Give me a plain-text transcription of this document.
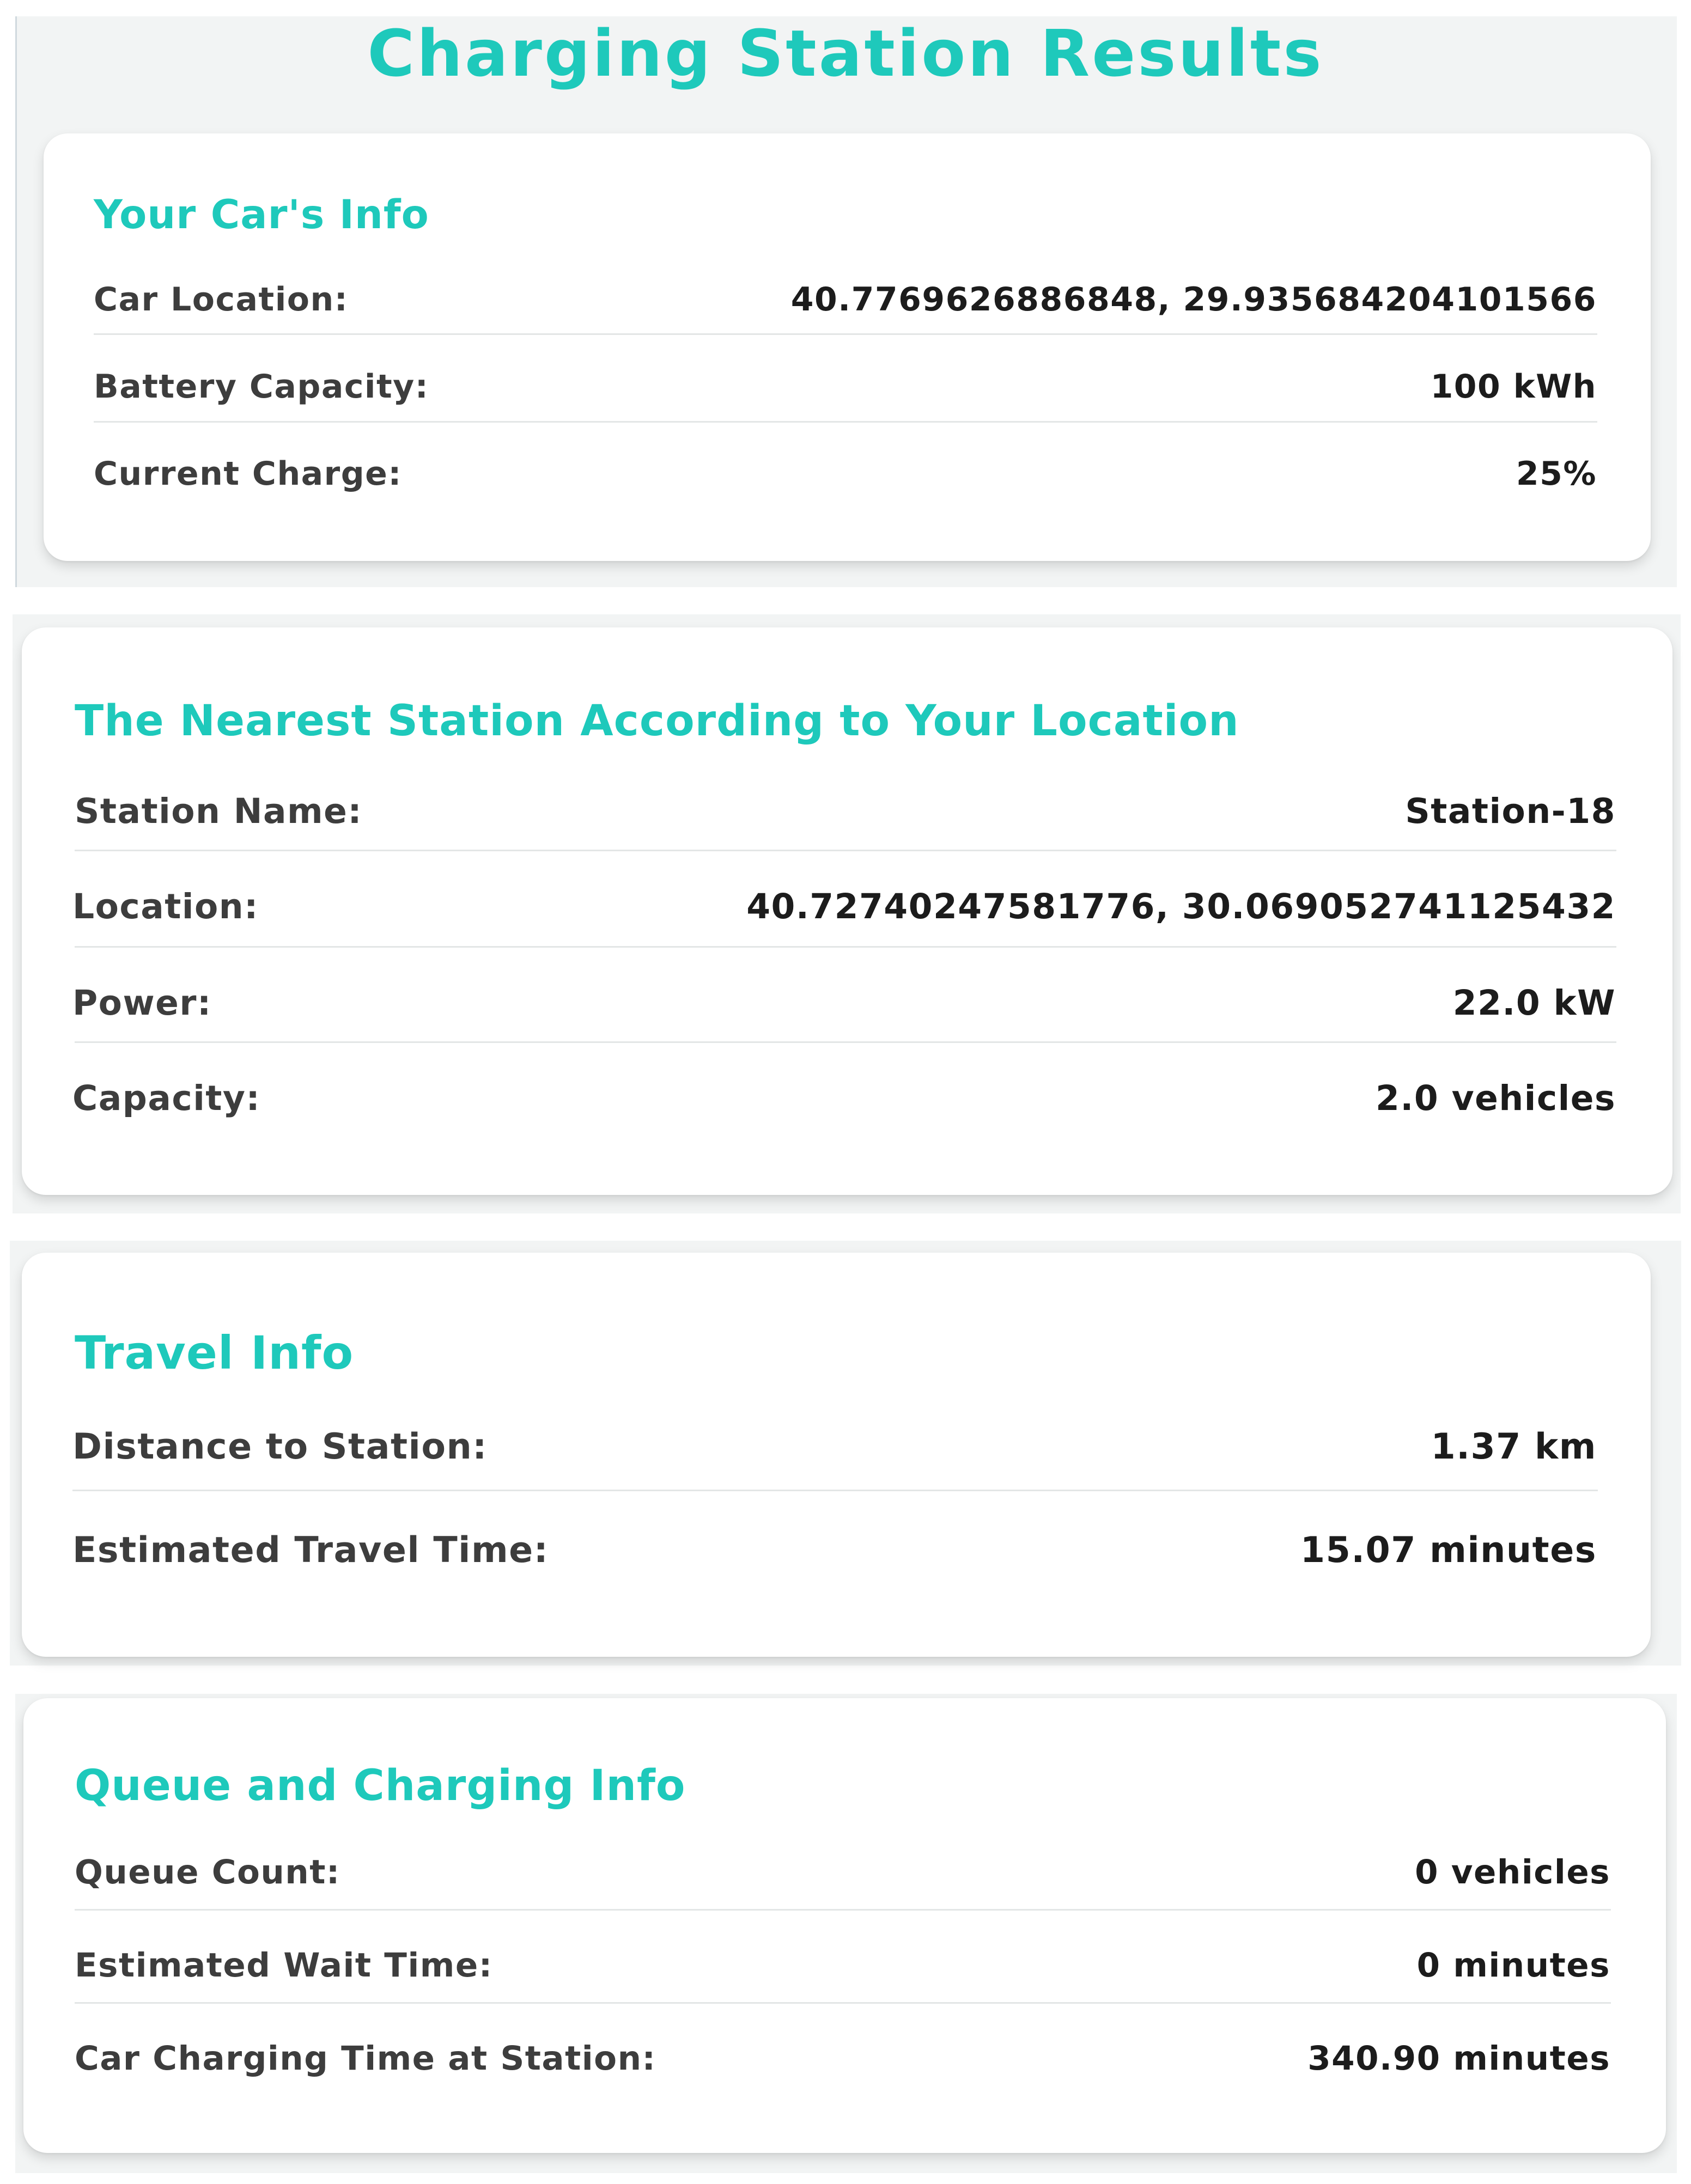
Charging Station Results
Your Car's Info
Car Location:	40.7769626886848, 29.935684204101566
Battery Capacity:	100 kWh
Current Charge:	25%
The Nearest Station According to Your Location
Station Name:	Station-18
Location:	40.72740247581776, 30.069052741125432
Power:	22.0 kW
Capacity:	2.0 vehicles
Travel Info
Distance to Station:	1.37 km
Estimated Travel Time:	15.07 minutes
Queue and Charging Info
Queue Count:	0 vehicles
Estimated Wait Time:	0 minutes
Car Charging Time at Station:	340.90 minutes
